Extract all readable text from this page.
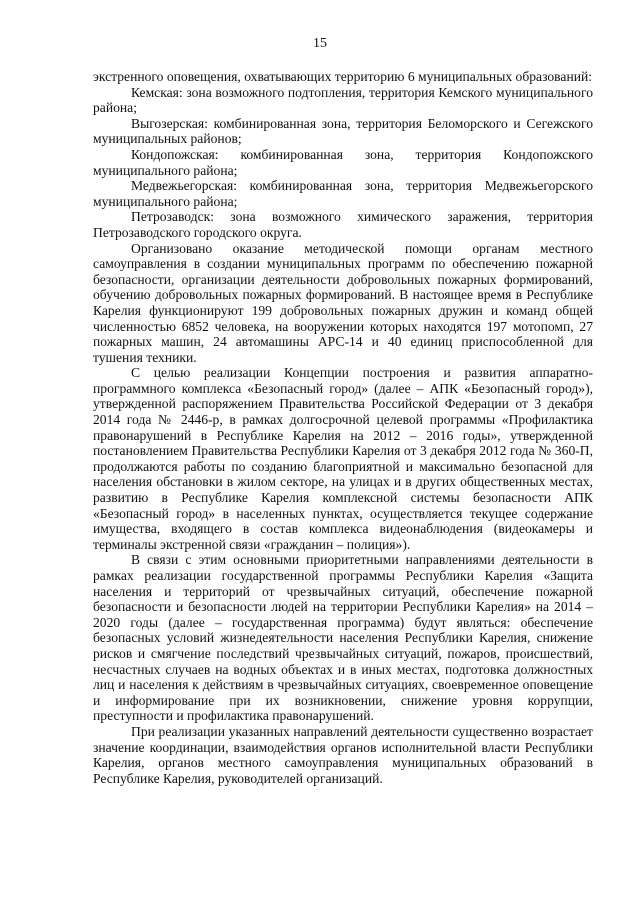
15

экстренного оповещения, охватывающих территорию 6 муниципальных образований:

Кемская: зона возможного подтопления, территория Кемского муниципального района;

Выгозерская: комбинированная зона, территория Беломорского и Сегежского муниципальных районов;

Кондопожская: комбинированная зона, территория Кондопожского муниципального района;

Медвежьегорская: комбинированная зона, территория Медвежьегорского муниципального района;

Петрозаводск: зона возможного химического заражения, территория Петрозаводского городского округа.

Организовано оказание методической помощи органам местного самоуправления в создании муниципальных программ по обеспечению пожарной безопасности, организации деятельности добровольных пожарных формирований, обучению добровольных пожарных формирований. В настоящее время в Республике Карелия функционируют 199 добровольных пожарных дружин и команд общей численностью 6852 человека, на вооружении которых находятся 197 мотопомп, 27 пожарных машин, 24 автомашины АРС-14 и 40 единиц приспособленной для тушения техники.

С целью реализации Концепции построения и развития аппаратно-программного комплекса «Безопасный город» (далее – АПК «Безопасный город»), утвержденной распоряжением Правительства Российской Федерации от 3 декабря 2014 года № 2446-р, в рамках долгосрочной целевой программы «Профилактика правонарушений в Республике Карелия на 2012 – 2016 годы», утвержденной постановлением Правительства Республики Карелия от 3 декабря 2012 года № 360-П, продолжаются работы по созданию благоприятной и максимально безопасной для населения обстановки в жилом секторе, на улицах и в других общественных местах, развитию в Республике Карелия комплексной системы безопасности АПК «Безопасный город» в населенных пунктах, осуществляется текущее содержание имущества, входящего в состав комплекса видеонаблюдения (видеокамеры и терминалы экстренной связи «гражданин – полиция»).

В связи с этим основными приоритетными направлениями деятельности в рамках реализации государственной программы Республики Карелия «Защита населения и территорий от чрезвычайных ситуаций, обеспечение пожарной безопасности и безопасности людей на территории Республики Карелия» на 2014 – 2020 годы (далее – государственная программа) будут являться: обеспечение безопасных условий жизнедеятельности населения Республики Карелия, снижение рисков и смягчение последствий чрезвычайных ситуаций, пожаров, происшествий, несчастных случаев на водных объектах и в иных местах, подготовка должностных лиц и населения к действиям в чрезвычайных ситуациях, своевременное оповещение и информирование при их возникновении, снижение уровня коррупции, преступности и профилактика правонарушений.

При реализации указанных направлений деятельности существенно возрастает значение координации, взаимодействия органов исполнительной власти Республики Карелия, органов местного самоуправления муниципальных образований в Республике Карелия, руководителей организаций.
